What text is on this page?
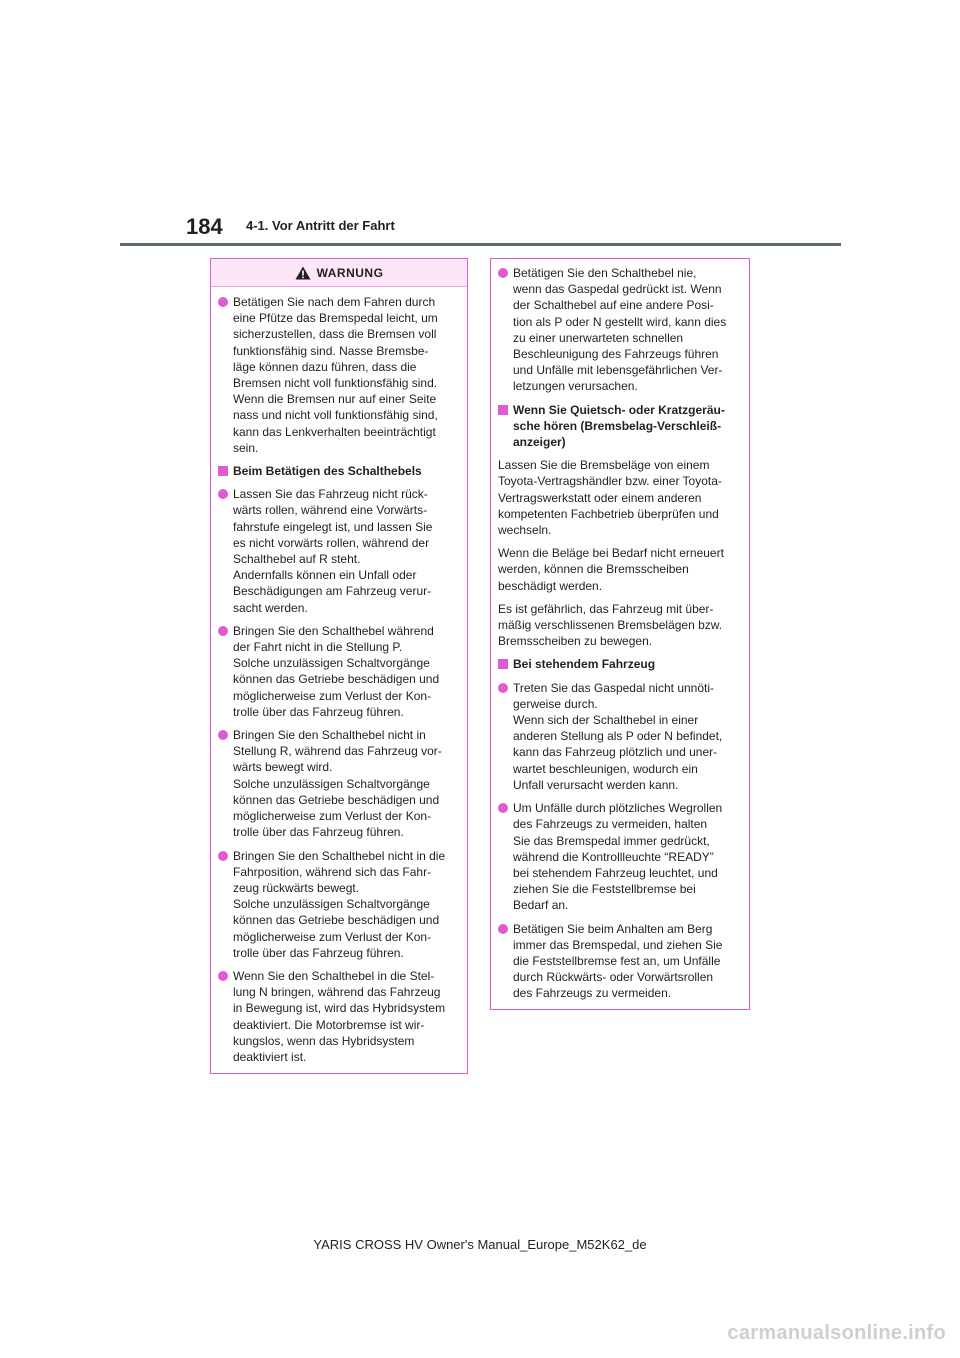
184 4-1. Vor Antritt der Fahrt
WARNUNG
Betätigen Sie nach dem Fahren durch
eine Pfütze das Bremspedal leicht, um
sicherzustellen, dass die Bremsen voll
funktionsfähig sind. Nasse Bremsbe-
läge können dazu führen, dass die
Bremsen nicht voll funktionsfähig sind.
Wenn die Bremsen nur auf einer Seite
nass und nicht voll funktionsfähig sind,
kann das Lenkverhalten beeinträchtigt
sein.
Beim Betätigen des Schalthebels
Lassen Sie das Fahrzeug nicht rück-
wärts rollen, während eine Vorwärts-
fahrstufe eingelegt ist, und lassen Sie
es nicht vorwärts rollen, während der
Schalthebel auf R steht.
Andernfalls können ein Unfall oder
Beschädigungen am Fahrzeug verur-
sacht werden.
Bringen Sie den Schalthebel während
der Fahrt nicht in die Stellung P.
Solche unzulässigen Schaltvorgänge
können das Getriebe beschädigen und
möglicherweise zum Verlust der Kon-
trolle über das Fahrzeug führen.
Bringen Sie den Schalthebel nicht in
Stellung R, während das Fahrzeug vor-
wärts bewegt wird.
Solche unzulässigen Schaltvorgänge
können das Getriebe beschädigen und
möglicherweise zum Verlust der Kon-
trolle über das Fahrzeug führen.
Bringen Sie den Schalthebel nicht in die
Fahrposition, während sich das Fahr-
zeug rückwärts bewegt.
Solche unzulässigen Schaltvorgänge
können das Getriebe beschädigen und
möglicherweise zum Verlust der Kon-
trolle über das Fahrzeug führen.
Wenn Sie den Schalthebel in die Stel-
lung N bringen, während das Fahrzeug
in Bewegung ist, wird das Hybridsystem
deaktiviert. Die Motorbremse ist wir-
kungslos, wenn das Hybridsystem
deaktiviert ist.
Betätigen Sie den Schalthebel nie,
wenn das Gaspedal gedrückt ist. Wenn
der Schalthebel auf eine andere Posi-
tion als P oder N gestellt wird, kann dies
zu einer unerwarteten schnellen
Beschleunigung des Fahrzeugs führen
und Unfälle mit lebensgefährlichen Ver-
letzungen verursachen.
Wenn Sie Quietsch- oder Kratzgeräu-
sche hören (Bremsbelag-Verschleiß-
anzeiger)
Lassen Sie die Bremsbeläge von einem
Toyota-Vertragshändler bzw. einer Toyota-
Vertragswerkstatt oder einem anderen
kompetenten Fachbetrieb überprüfen und
wechseln.
Wenn die Beläge bei Bedarf nicht erneuert
werden, können die Bremsscheiben
beschädigt werden.
Es ist gefährlich, das Fahrzeug mit über-
mäßig verschlissenen Bremsbelägen bzw.
Bremsscheiben zu bewegen.
Bei stehendem Fahrzeug
Treten Sie das Gaspedal nicht unnöti-
gerweise durch.
Wenn sich der Schalthebel in einer
anderen Stellung als P oder N befindet,
kann das Fahrzeug plötzlich und uner-
wartet beschleunigen, wodurch ein
Unfall verursacht werden kann.
Um Unfälle durch plötzliches Wegrollen
des Fahrzeugs zu vermeiden, halten
Sie das Bremspedal immer gedrückt,
während die Kontrollleuchte “READY”
bei stehendem Fahrzeug leuchtet, und
ziehen Sie die Feststellbremse bei
Bedarf an.
Betätigen Sie beim Anhalten am Berg
immer das Bremspedal, und ziehen Sie
die Feststellbremse fest an, um Unfälle
durch Rückwärts- oder Vorwärtsrollen
des Fahrzeugs zu vermeiden.
YARIS CROSS HV Owner's Manual_Europe_M52K62_de
carmanualsonline.info
